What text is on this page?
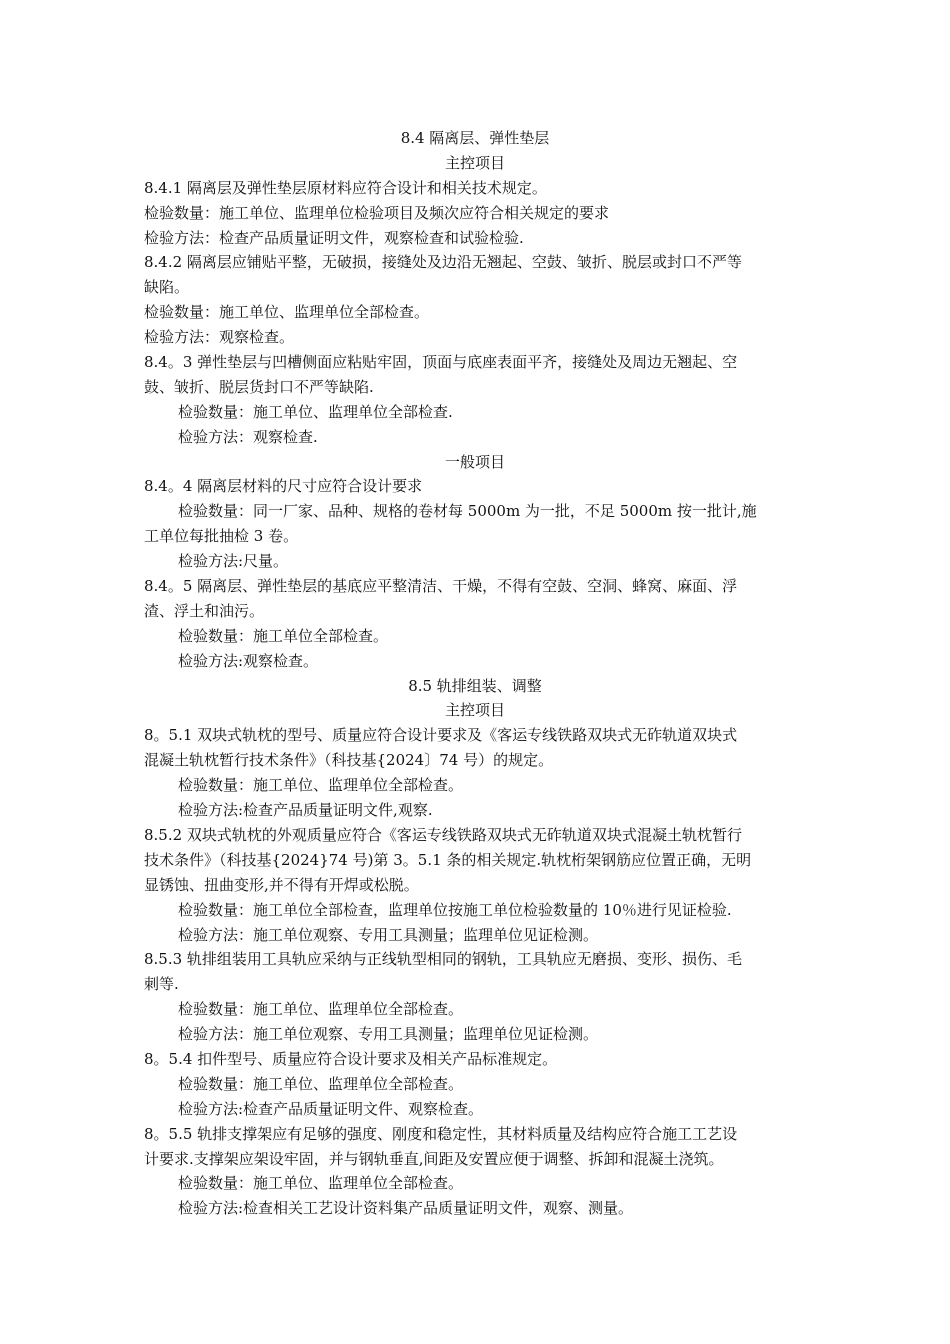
8.4 隔离层、弹性垫层
主控项目
8.4.1 隔离层及弹性垫层原材料应符合设计和相关技术规定。
检验数量：施工单位、监理单位检验项目及频次应符合相关规定的要求
检验方法：检查产品质量证明文件，观察检查和试验检验.
8.4.2 隔离层应铺贴平整，无破损，接缝处及边沿无翘起、空鼓、皱折、脱层或封口不严等
缺陷。
检验数量：施工单位、监理单位全部检查。
检验方法：观察检查。
8.4。3 弹性垫层与凹槽侧面应粘贴牢固，顶面与底座表面平齐，接缝处及周边无翘起、空
鼓、皱折、脱层货封口不严等缺陷.
检验数量：施工单位、监理单位全部检查.
检验方法：观察检查.
一般项目
8.4。4 隔离层材料的尺寸应符合设计要求
检验数量：同一厂家、品种、规格的卷材每 5000m 为一批，不足 5000m 按一批计,施
工单位每批抽检 3 卷。
检验方法:尺量。
8.4。5 隔离层、弹性垫层的基底应平整清洁、干燥，不得有空鼓、空洞、蜂窝、麻面、浮
渣、浮土和油污。
检验数量：施工单位全部检查。
检验方法:观察检查。
8.5 轨排组装、调整
主控项目
8。5.1 双块式轨枕的型号、质量应符合设计要求及《客运专线铁路双块式无砟轨道双块式
混凝土轨枕暂行技术条件》（科技基{2024〕74 号）的规定。
检验数量：施工单位、监理单位全部检查。
检验方法:检查产品质量证明文件,观察.
8.5.2 双块式轨枕的外观质量应符合《客运专线铁路双块式无砟轨道双块式混凝土轨枕暂行
技术条件》（科技基{2024}74 号)第 3。5.1 条的相关规定.轨枕桁架钢筋应位置正确，无明
显锈蚀、扭曲变形,并不得有开焊或松脱。
检验数量：施工单位全部检查，监理单位按施工单位检验数量的 10％进行见证检验.
检验方法：施工单位观察、专用工具测量；监理单位见证检测。
8.5.3 轨排组装用工具轨应采纳与正线轨型相同的钢轨，工具轨应无磨损、变形、损伤、毛
刺等.
检验数量：施工单位、监理单位全部检查。
检验方法：施工单位观察、专用工具测量；监理单位见证检测。
8。5.4 扣件型号、质量应符合设计要求及相关产品标准规定。
检验数量：施工单位、监理单位全部检查。
检验方法:检查产品质量证明文件、观察检查。
8。5.5 轨排支撑架应有足够的强度、刚度和稳定性，其材料质量及结构应符合施工工艺设
计要求.支撑架应架设牢固，并与钢轨垂直,间距及安置应便于调整、拆卸和混凝土浇筑。
检验数量：施工单位、监理单位全部检查。
检验方法:检查相关工艺设计资料集产品质量证明文件，观察、测量。
